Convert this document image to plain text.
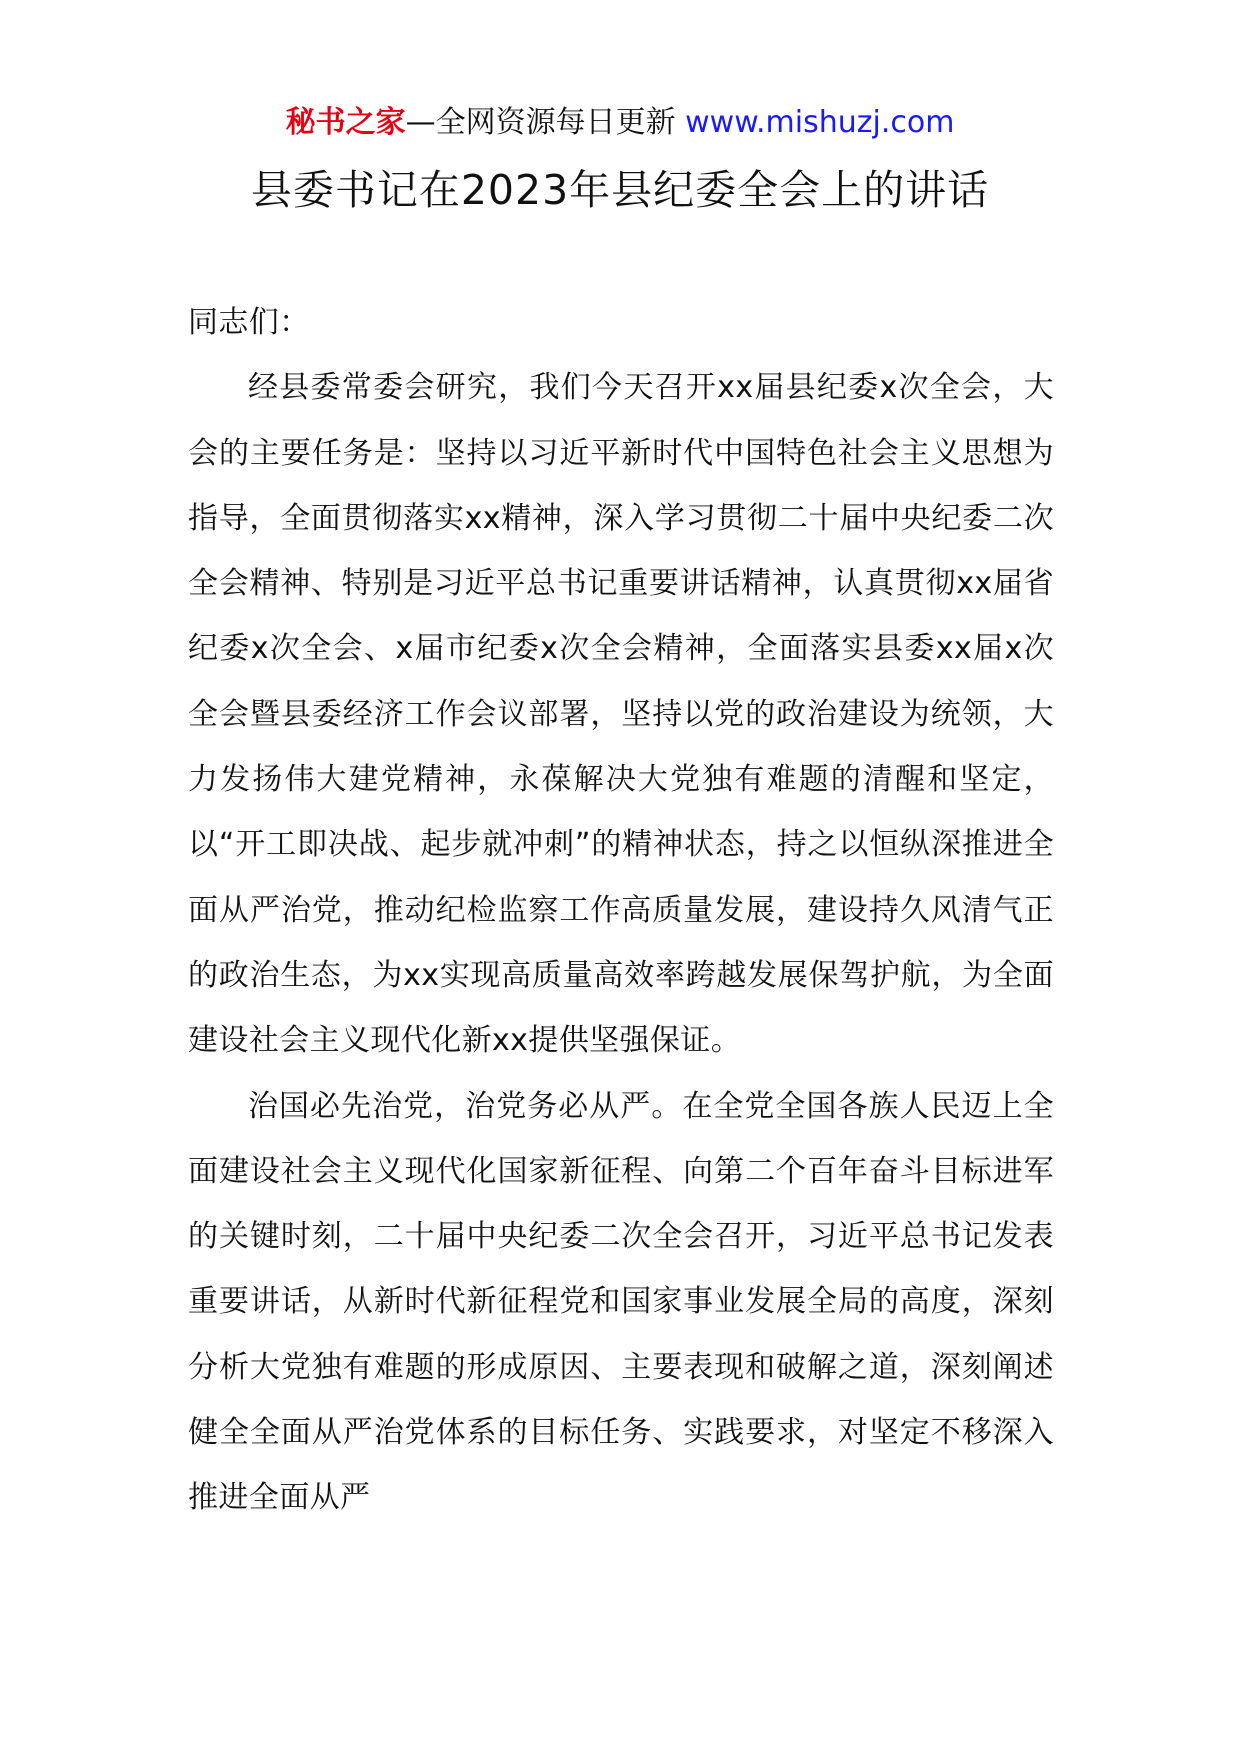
秘书之家—全网资源每日更新 www.mishuzj.com
县委书记在2023年县纪委全会上的讲话

同志们：

经县委常委会研究，我们今天召开xx届县纪委x次全会，大会的主要任务是：坚持以习近平新时代中国特色社会主义思想为指导，全面贯彻落实xx精神，深入学习贯彻二十届中央纪委二次全会精神、特别是习近平总书记重要讲话精神，认真贯彻xx届省纪委x次全会、x届市纪委x次全会精神，全面落实县委xx届x次全会暨县委经济工作会议部署，坚持以党的政治建设为统领，大力发扬伟大建党精神，永葆解决大党独有难题的清醒和坚定，以“开工即决战、起步就冲刺”的精神状态，持之以恒纵深推进全面从严治党，推动纪检监察工作高质量发展，建设持久风清气正的政治生态，为xx实现高质量高效率跨越发展保驾护航，为全面建设社会主义现代化新xx提供坚强保证。

治国必先治党，治党务必从严。在全党全国各族人民迈上全面建设社会主义现代化国家新征程、向第二个百年奋斗目标进军的关键时刻，二十届中央纪委二次全会召开，习近平总书记发表重要讲话，从新时代新征程党和国家事业发展全局的高度，深刻分析大党独有难题的形成原因、主要表现和破解之道，深刻阐述健全全面从严治党体系的目标任务、实践要求，对坚定不移深入推进全面从严
